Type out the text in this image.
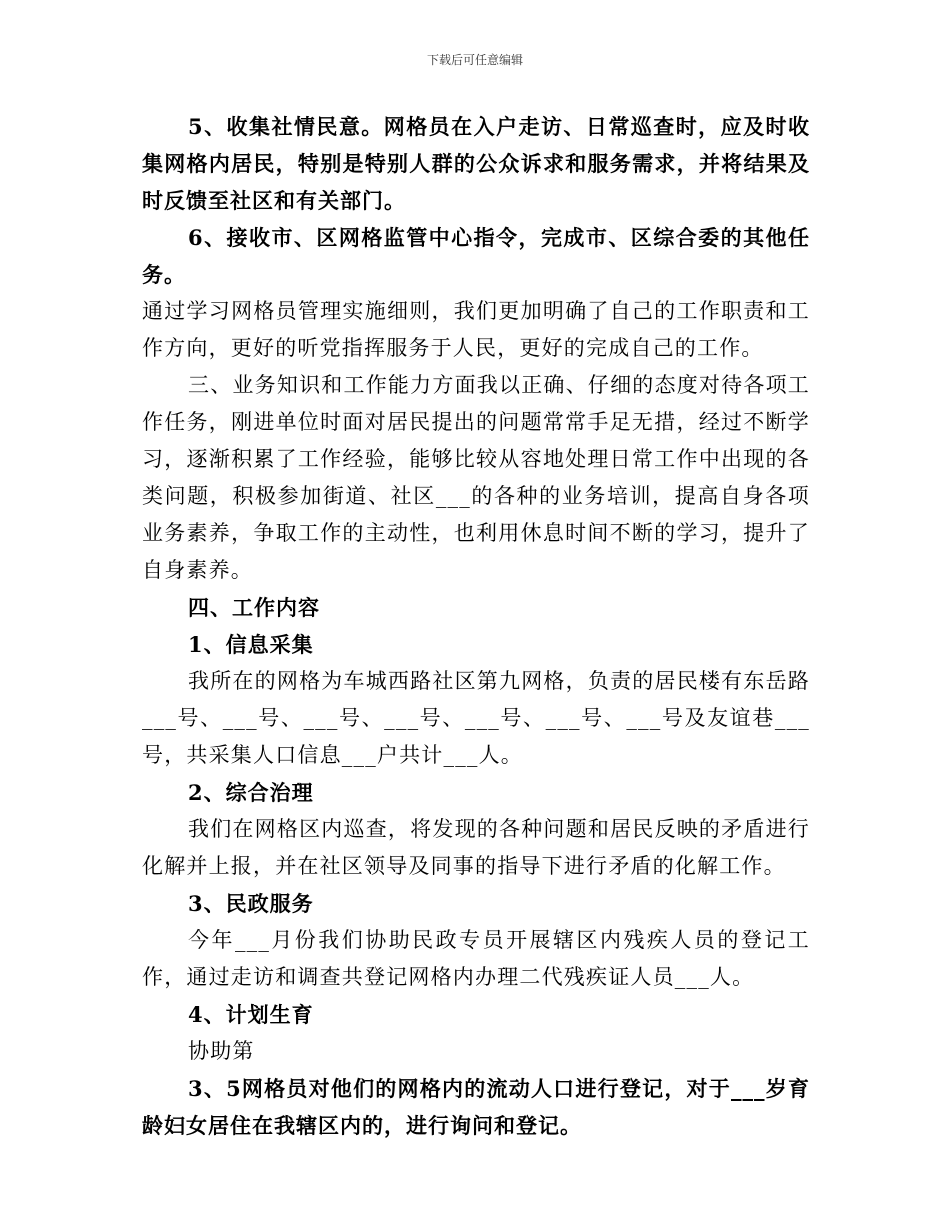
下载后可任意编辑

5、收集社情民意。网格员在入户走访、日常巡查时，应及时收集网格内居民，特别是特别人群的公众诉求和服务需求，并将结果及时反馈至社区和有关部门。

6、接收市、区网格监管中心指令，完成市、区综合委的其他任务。

通过学习网格员管理实施细则，我们更加明确了自己的工作职责和工作方向，更好的听党指挥服务于人民，更好的完成自己的工作。

三、业务知识和工作能力方面我以正确、仔细的态度对待各项工作任务，刚进单位时面对居民提出的问题常常手足无措，经过不断学习，逐渐积累了工作经验，能够比较从容地处理日常工作中出现的各类问题，积极参加街道、社区___的各种的业务培训，提高自身各项业务素养，争取工作的主动性，也利用休息时间不断的学习，提升了自身素养。

四、工作内容

1、信息采集

我所在的网格为车城西路社区第九网格，负责的居民楼有东岳路___号、___号、___号、___号、___号、___号、___号及友谊巷___号，共采集人口信息___户共计___人。

2、综合治理

我们在网格区内巡查，将发现的各种问题和居民反映的矛盾进行化解并上报，并在社区领导及同事的指导下进行矛盾的化解工作。

3、民政服务

今年___月份我们协助民政专员开展辖区内残疾人员的登记工作，通过走访和调查共登记网格内办理二代残疾证人员___人。

4、计划生育

协助第

3、5网格员对他们的网格内的流动人口进行登记，对于___岁育龄妇女居住在我辖区内的，进行询问和登记。
